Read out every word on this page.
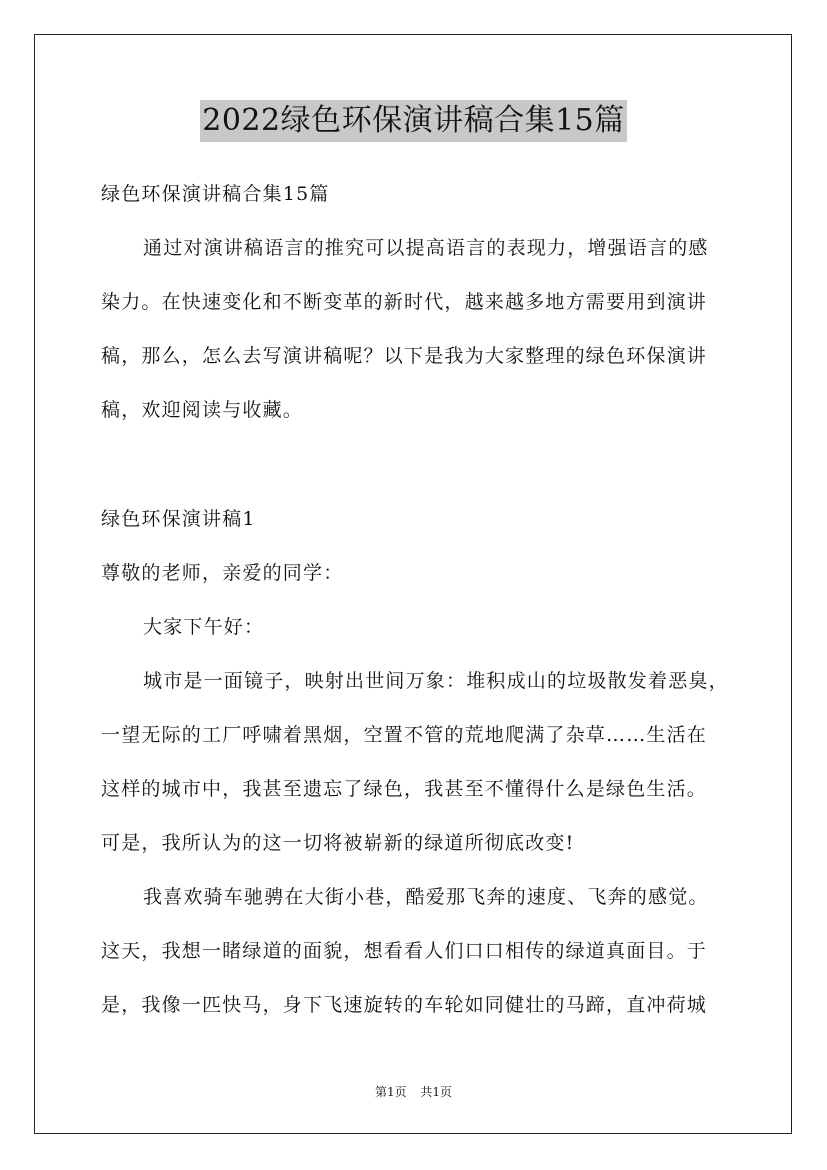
2022绿色环保演讲稿合集15篇
绿色环保演讲稿合集15篇
通过对演讲稿语言的推究可以提高语言的表现力，增强语言的感
染力。在快速变化和不断变革的新时代，越来越多地方需要用到演讲
稿，那么，怎么去写演讲稿呢？以下是我为大家整理的绿色环保演讲
稿，欢迎阅读与收藏。
绿色环保演讲稿1
尊敬的老师，亲爱的同学：
大家下午好：
城市是一面镜子，映射出世间万象：堆积成山的垃圾散发着恶臭，
一望无际的工厂呼啸着黑烟，空置不管的荒地爬满了杂草……生活在
这样的城市中，我甚至遗忘了绿色，我甚至不懂得什么是绿色生活。
可是，我所认为的这一切将被崭新的绿道所彻底改变!
我喜欢骑车驰骋在大街小巷，酷爱那飞奔的速度、飞奔的感觉。
这天，我想一睹绿道的面貌，想看看人们口口相传的绿道真面目。于
是，我像一匹快马，身下飞速旋转的车轮如同健壮的马蹄，直冲荷城
第1页 共1页
